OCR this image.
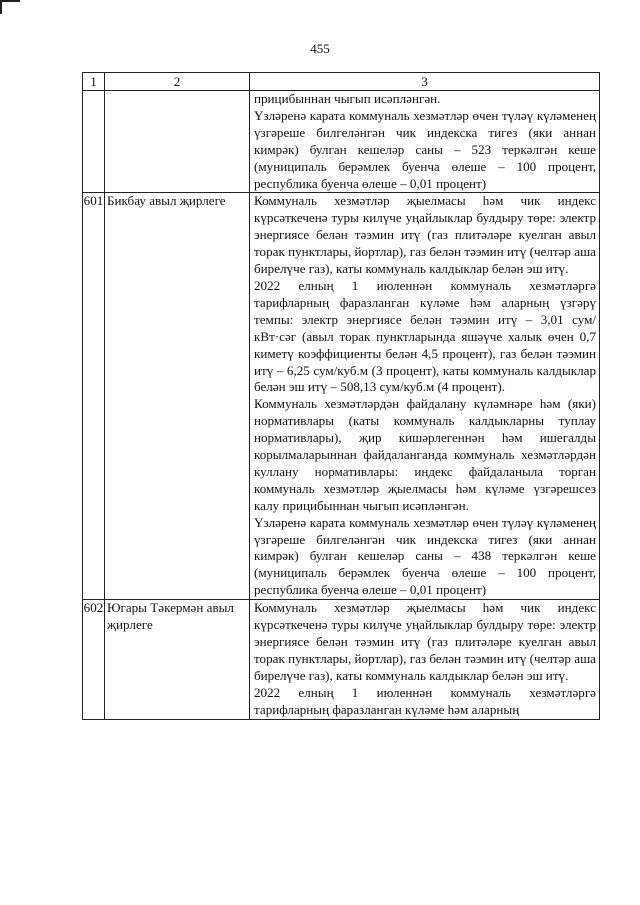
455
1	2	3

		прицибыннан чыгып исәпләнгән.
Үзләренә карата коммуналь хезмәтләр өчен түләү күләменең үзгәреше билгеләнгән чик индекска тигез (яки аннан кимрәк) булган кешеләр саны – 523 теркәлгән кеше (муниципаль берәмлек буенча өлеше – 100 процент, республика буенча өлеше – 0,01 процент)

601	Бикбау авыл җирлеге	Коммуналь хезмәтләр җыелмасы һәм чик индекс күрсәткеченә туры килүче уңайлыклар булдыру төре: электр энергиясе белән тәэмин итү (газ плитәләре куелган авыл торак пунктлары, йортлар), газ белән тәэмин итү (челтәр аша бирелүче газ), каты коммуналь калдыклар белән эш итү.
2022 елның 1 июленнән коммуналь хезмәтләргә тарифларның фаразланган күләме һәм аларның үзгәрү темпы: электр энергиясе белән тәэмин итү – 3,01 сум/кВт·сәг (авыл торак пунктларында яшәүче халык өчен 0,7 киметү коэффициенты белән 4,5 процент), газ белән тәэмин итү – 6,25 сум/куб.м (3 процент), каты коммуналь калдыклар белән эш итү – 508,13 сум/куб.м (4 процент).
Коммуналь хезмәтләрдән файдалану күләмнәре һәм (яки) нормативлары (каты коммуналь калдыкларны туплау нормативлары), җир кишәрлегеннән һәм ишегалды корылмаларыннан файдаланганда коммуналь хезмәтләрдән куллану нормативлары: индекс файдаланыла торган коммуналь хезмәтләр җыелмасы һәм күләме үзгәрешсез калу прицибыннан чыгып исәпләнгән.
Үзләренә карата коммуналь хезмәтләр өчен түләү күләменең үзгәреше билгеләнгән чик индекска тигез (яки аннан кимрәк) булган кешеләр саны – 438 теркәлгән кеше (муниципаль берәмлек буенча өлеше – 100 процент, республика буенча өлеше – 0,01 процент)

602	Югары Тәкермән авыл җирлеге	Коммуналь хезмәтләр җыелмасы һәм чик индекс күрсәткеченә туры килүче уңайлыклар булдыру төре: электр энергиясе белән тәэмин итү (газ плитәләре куелган авыл торак пунктлары, йортлар), газ белән тәэмин итү (челтәр аша бирелүче газ), каты коммуналь калдыклар белән эш итү.
2022 елның 1 июленнән коммуналь хезмәтләргә тарифларның фаразланган күләме һәм аларның
